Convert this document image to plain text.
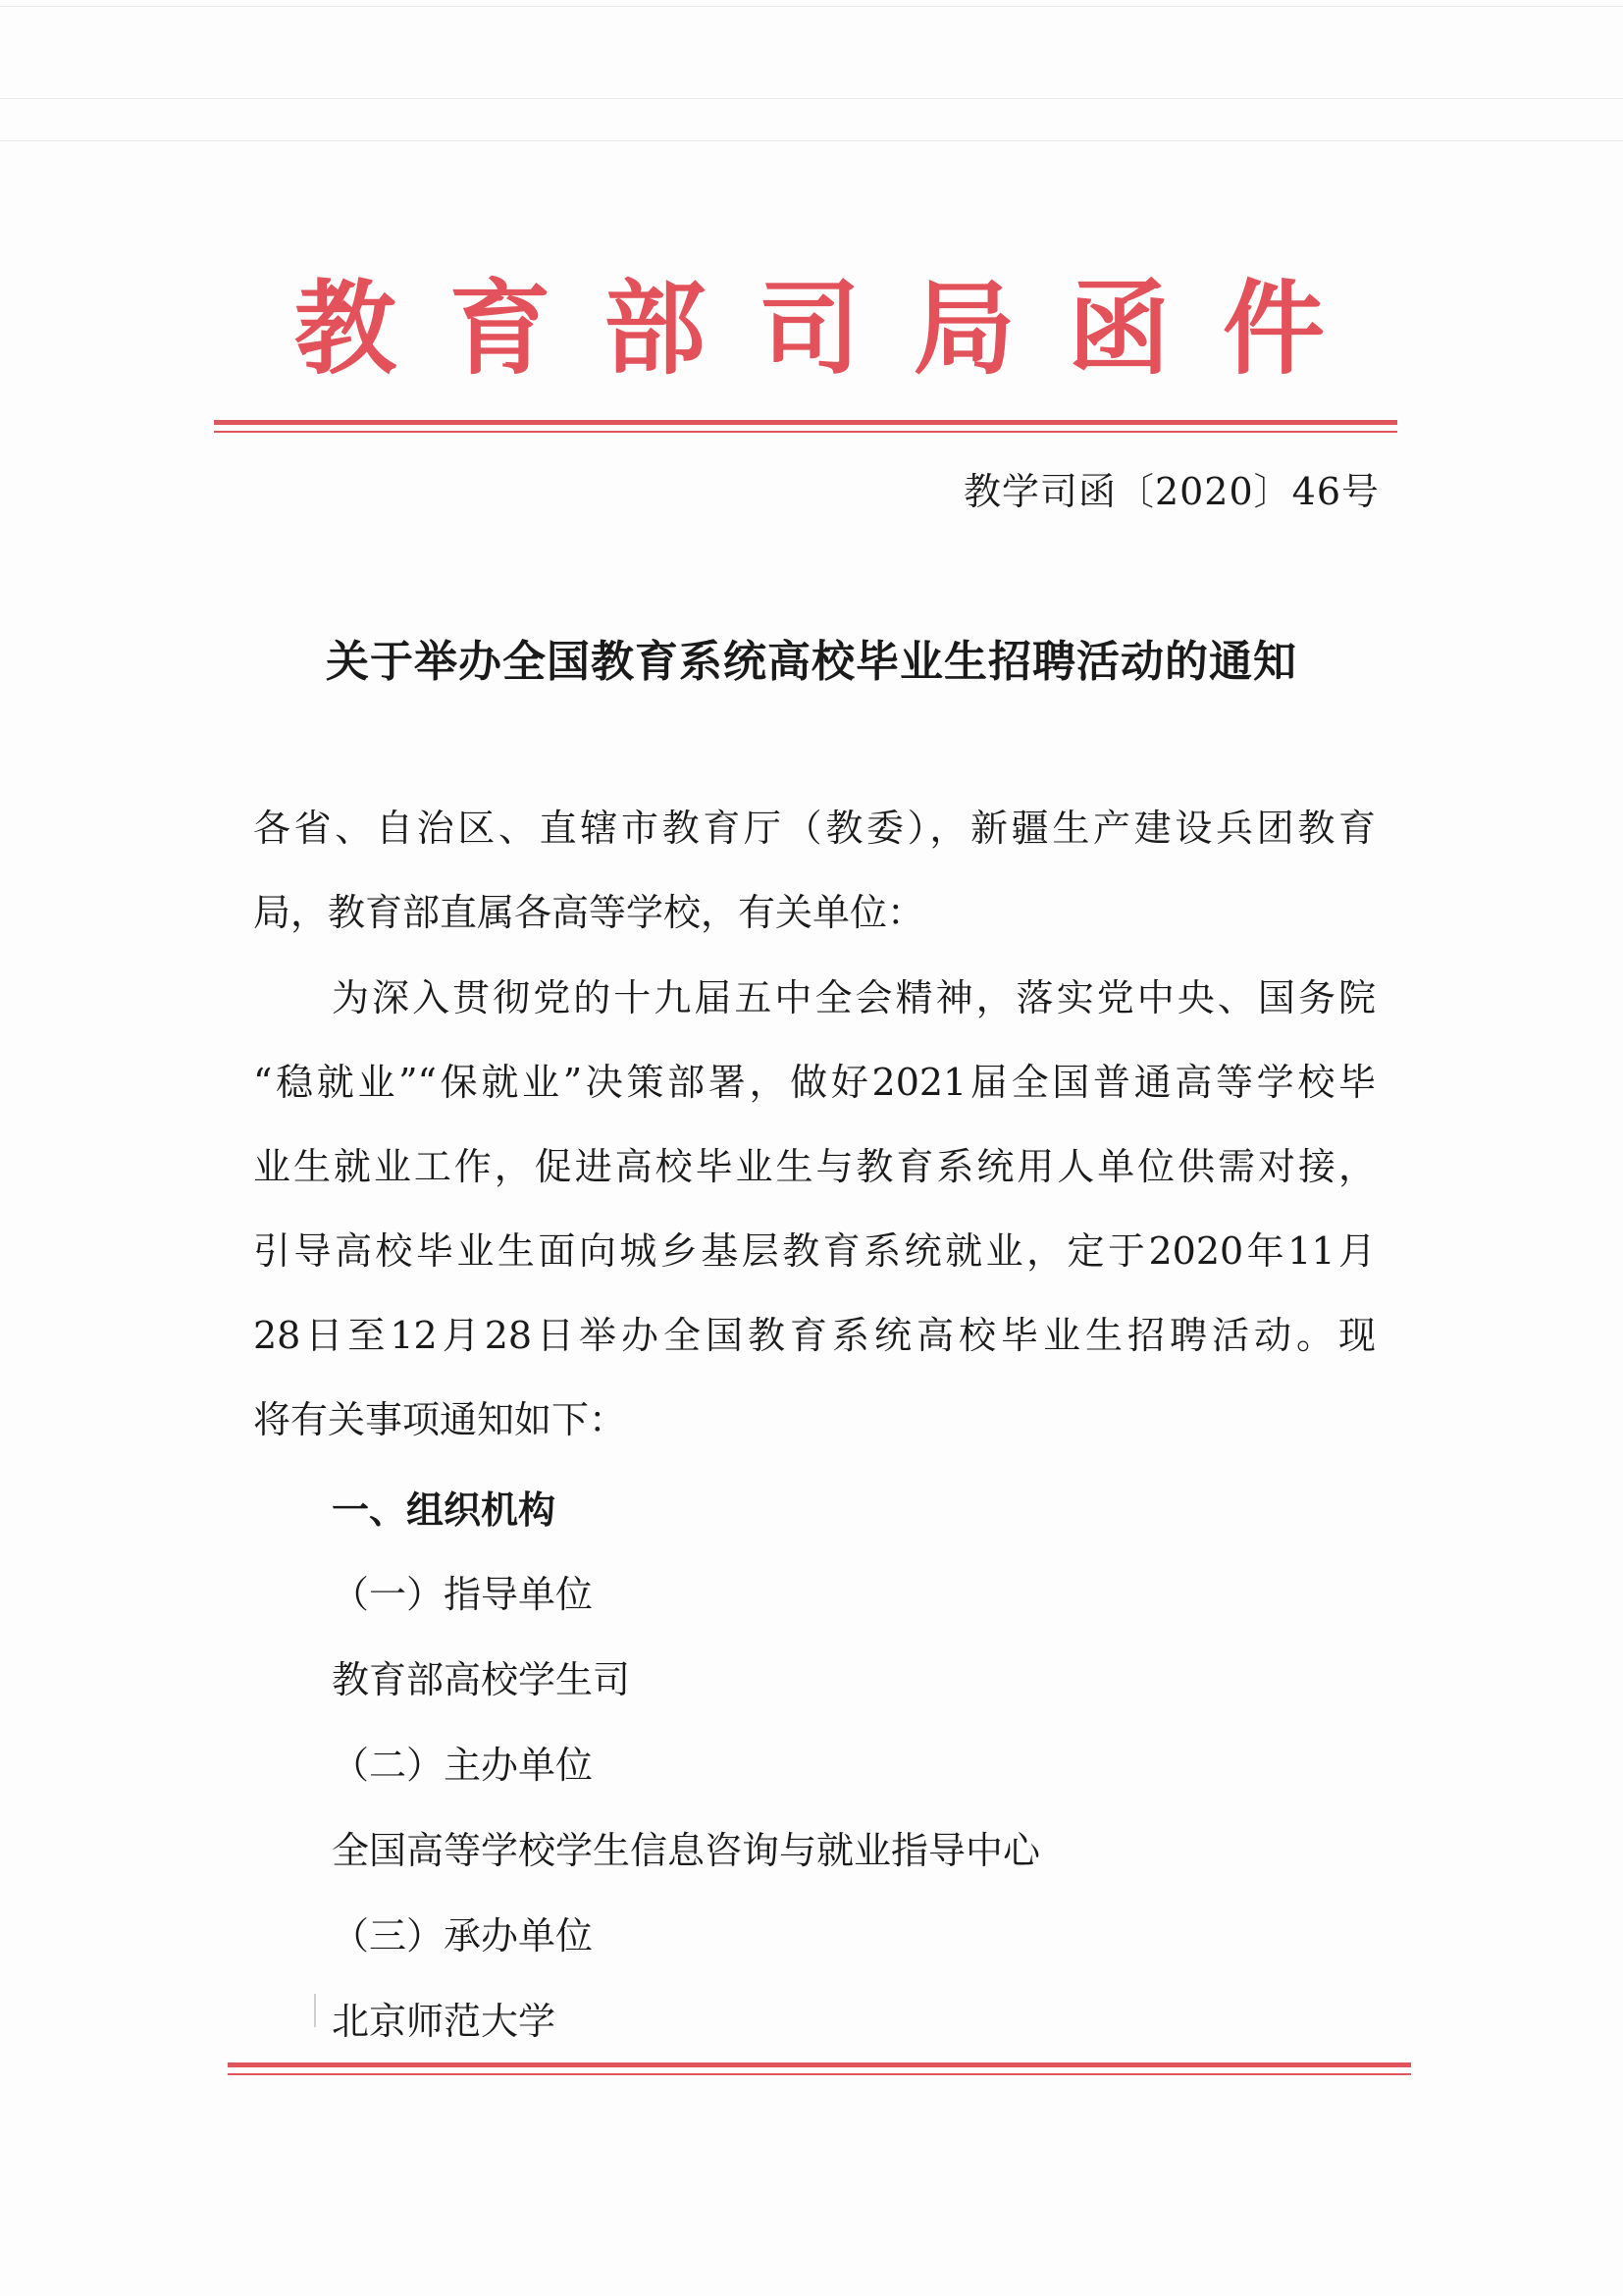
教 育 部 司 局 函 件
教学司函〔2020〕46号
关于举办全国教育系统高校毕业生招聘活动的通知
各省、自治区、直辖市教育厅（教委），新疆生产建设兵团教育
局，教育部直属各高等学校，有关单位：
为深入贯彻党的十九届五中全会精神，落实党中央、国务院
“稳就业”“保就业”决策部署，做好2021届全国普通高等学校毕
业生就业工作，促进高校毕业生与教育系统用人单位供需对接，
引导高校毕业生面向城乡基层教育系统就业，定于2020年11月
28日至12月28日举办全国教育系统高校毕业生招聘活动。现
将有关事项通知如下：
一、组织机构
（一）指导单位
教育部高校学生司
（二）主办单位
全国高等学校学生信息咨询与就业指导中心
（三）承办单位
北京师范大学
